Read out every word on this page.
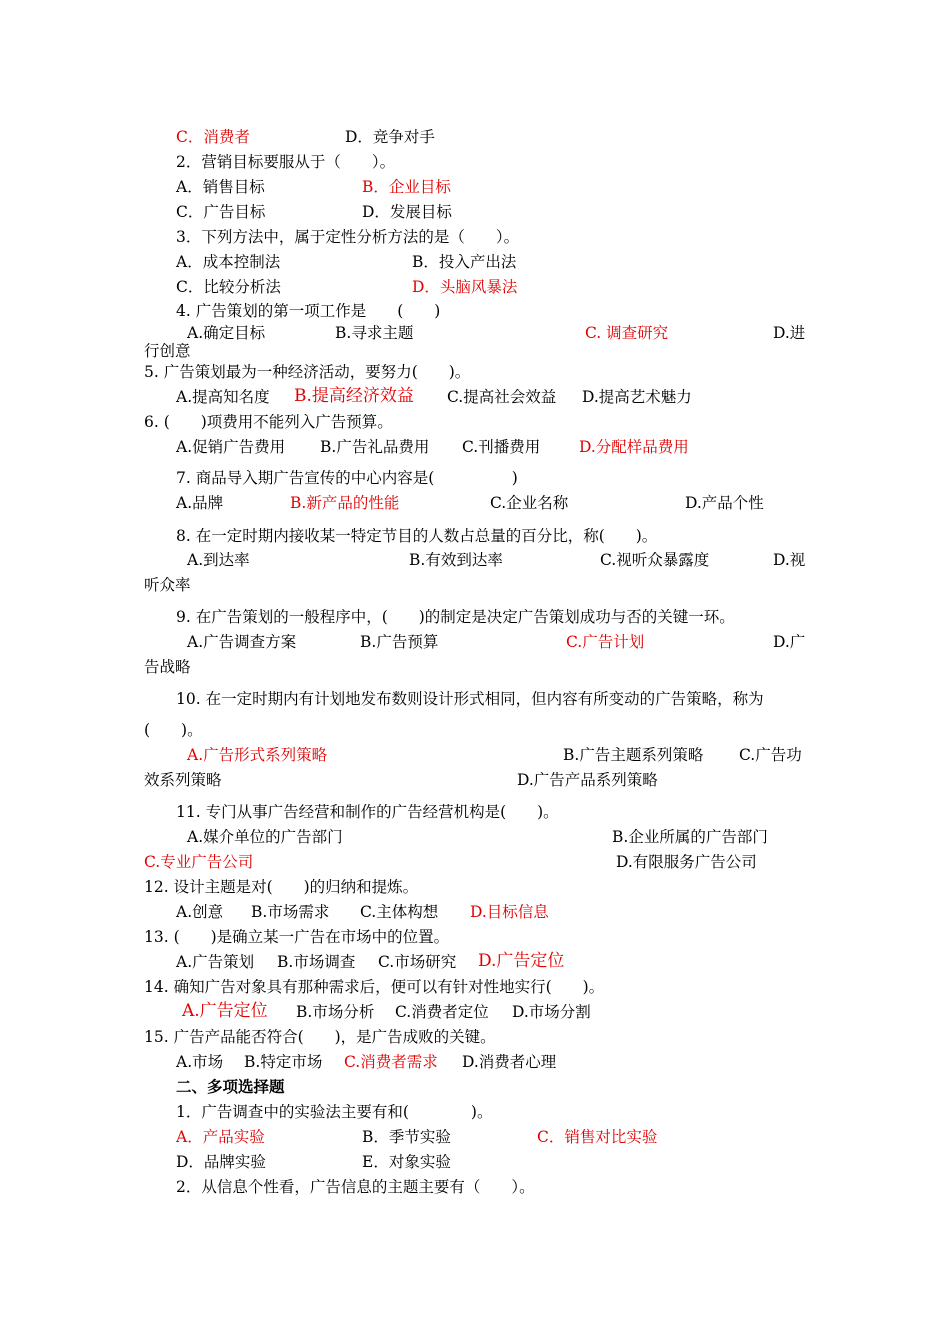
C．消费者	D．竞争对手
2．营销目标要服从于（　　）。
A．销售目标	B．企业目标
C．广告目标	D．发展目标
3．下列方法中，属于定性分析方法的是（　　）。
A．成本控制法	B．投入产出法
C．比较分析法	D．头脑风暴法
4. 广告策划的第一项工作是　　(　　)
A.确定目标	B.寻求主题	C. 调查研究	D.进
行创意
5. 广告策划最为一种经济活动，要努力(　　)。
A.提高知名度 B.提高经济效益 C.提高社会效益 D.提高艺术魅力
6. (　　)项费用不能列入广告预算。
A.促销广告费用 B.广告礼品费用 C.刊播费用	D.分配样品费用
7. 商品导入期广告宣传的中心内容是(　　　　　)
A.品牌	B.新产品的性能	C.企业名称	D.产品个性
8. 在一定时期内接收某一特定节目的人数占总量的百分比，称(　　)。
A.到达率	B.有效到达率	C.视听众暴露度	D.视
听众率
9. 在广告策划的一般程序中，(　　)的制定是决定广告策划成功与否的关键一环。
A.广告调查方案	B.广告预算	C.广告计划	D.广
告战略
10. 在一定时期内有计划地发布数则设计形式相同，但内容有所变动的广告策略，称为
(　　)。
A.广告形式系列策略	B.广告主题系列策略 C.广告功
效系列策略	D.广告产品系列策略
11. 专门从事广告经营和制作的广告经营机构是(　　)。
A.媒介单位的广告部门	B.企业所属的广告部门
C.专业广告公司	D.有限服务广告公司
12. 设计主题是对(　　)的归纳和提炼。
A.创意 B.市场需求 C.主体构想 D.目标信息
13. (　　)是确立某一广告在市场中的位置。
A.广告策划 B.市场调查 C.市场研究 D.广告定位
14. 确知广告对象具有那种需求后，便可以有针对性地实行(　　)。
A.广告定位 B.市场分析 C.消费者定位 D.市场分割
15. 广告产品能否符合(　　)，是广告成败的关键。
A.市场 B.特定市场 C.消费者需求 D.消费者心理
二、多项选择题
1．广告调查中的实验法主要有和(　　　　)。
A．产品实验	B．季节实验	C．销售对比实验
D．品牌实验	E．对象实验
2．从信息个性看，广告信息的主题主要有（　　）。
